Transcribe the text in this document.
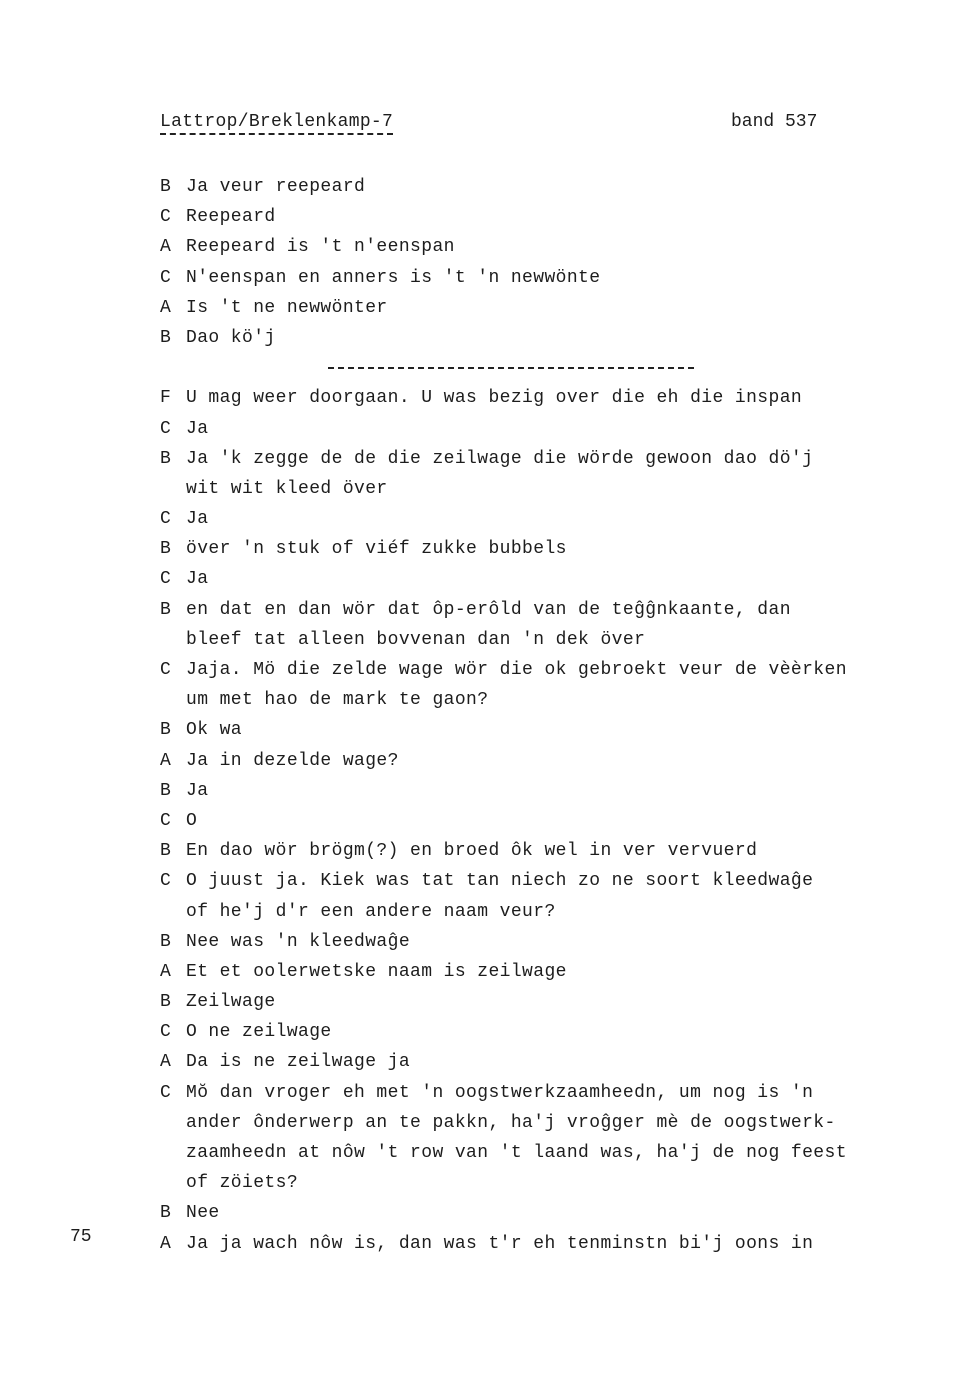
Lattrop/Breklenkamp-7	band 537
B Ja veur reepeard
C Reepeard
A Reepeard is 't n'eenspan
C N'eenspan en anners is 't 'n newwönte
A Is 't ne newwönter
B Dao kö'j
F U mag weer doorgaan. U was bezig over die eh die inspan
C Ja
B Ja 'k zegge de de die zeilwage die wörde gewoon dao dö'j
wit wit kleed över
C Ja
B över 'n stuk of viéf zukke bubbels
C Ja
B en dat en dan wör dat ôp-erôld van de teĝĝnkaante, dan
bleef tat alleen bovvenan dan 'n dek över
C Jaja. Mö die zelde wage wör die ok gebroekt veur de vèèrken
um met hao de mark te gaon?
B Ok wa
A Ja in dezelde wage?
B Ja
C O
B En dao wör brögm(?) en broed ôk wel in ver vervuerd
C O juust ja. Kiek was tat tan niech zo ne soort kleedwaĝe
of he'j d'r een andere naam veur?
B Nee was 'n kleedwaĝe
A Et et oolerwetske naam is zeilwage
B Zeilwage
C O ne zeilwage
A Da is ne zeilwage ja
C Mŏ dan vroger eh met 'n oogstwerkzaamheedn, um nog is 'n
ander ônderwerp an te pakkn, ha'j vroĝger mè de oogstwerk-
zaamheedn at nôw 't row van 't laand was, ha'j de nog feest
of zöiets?
B Nee
A Ja ja wach nôw is, dan was t'r eh tenminstn bi'j oons in
75
